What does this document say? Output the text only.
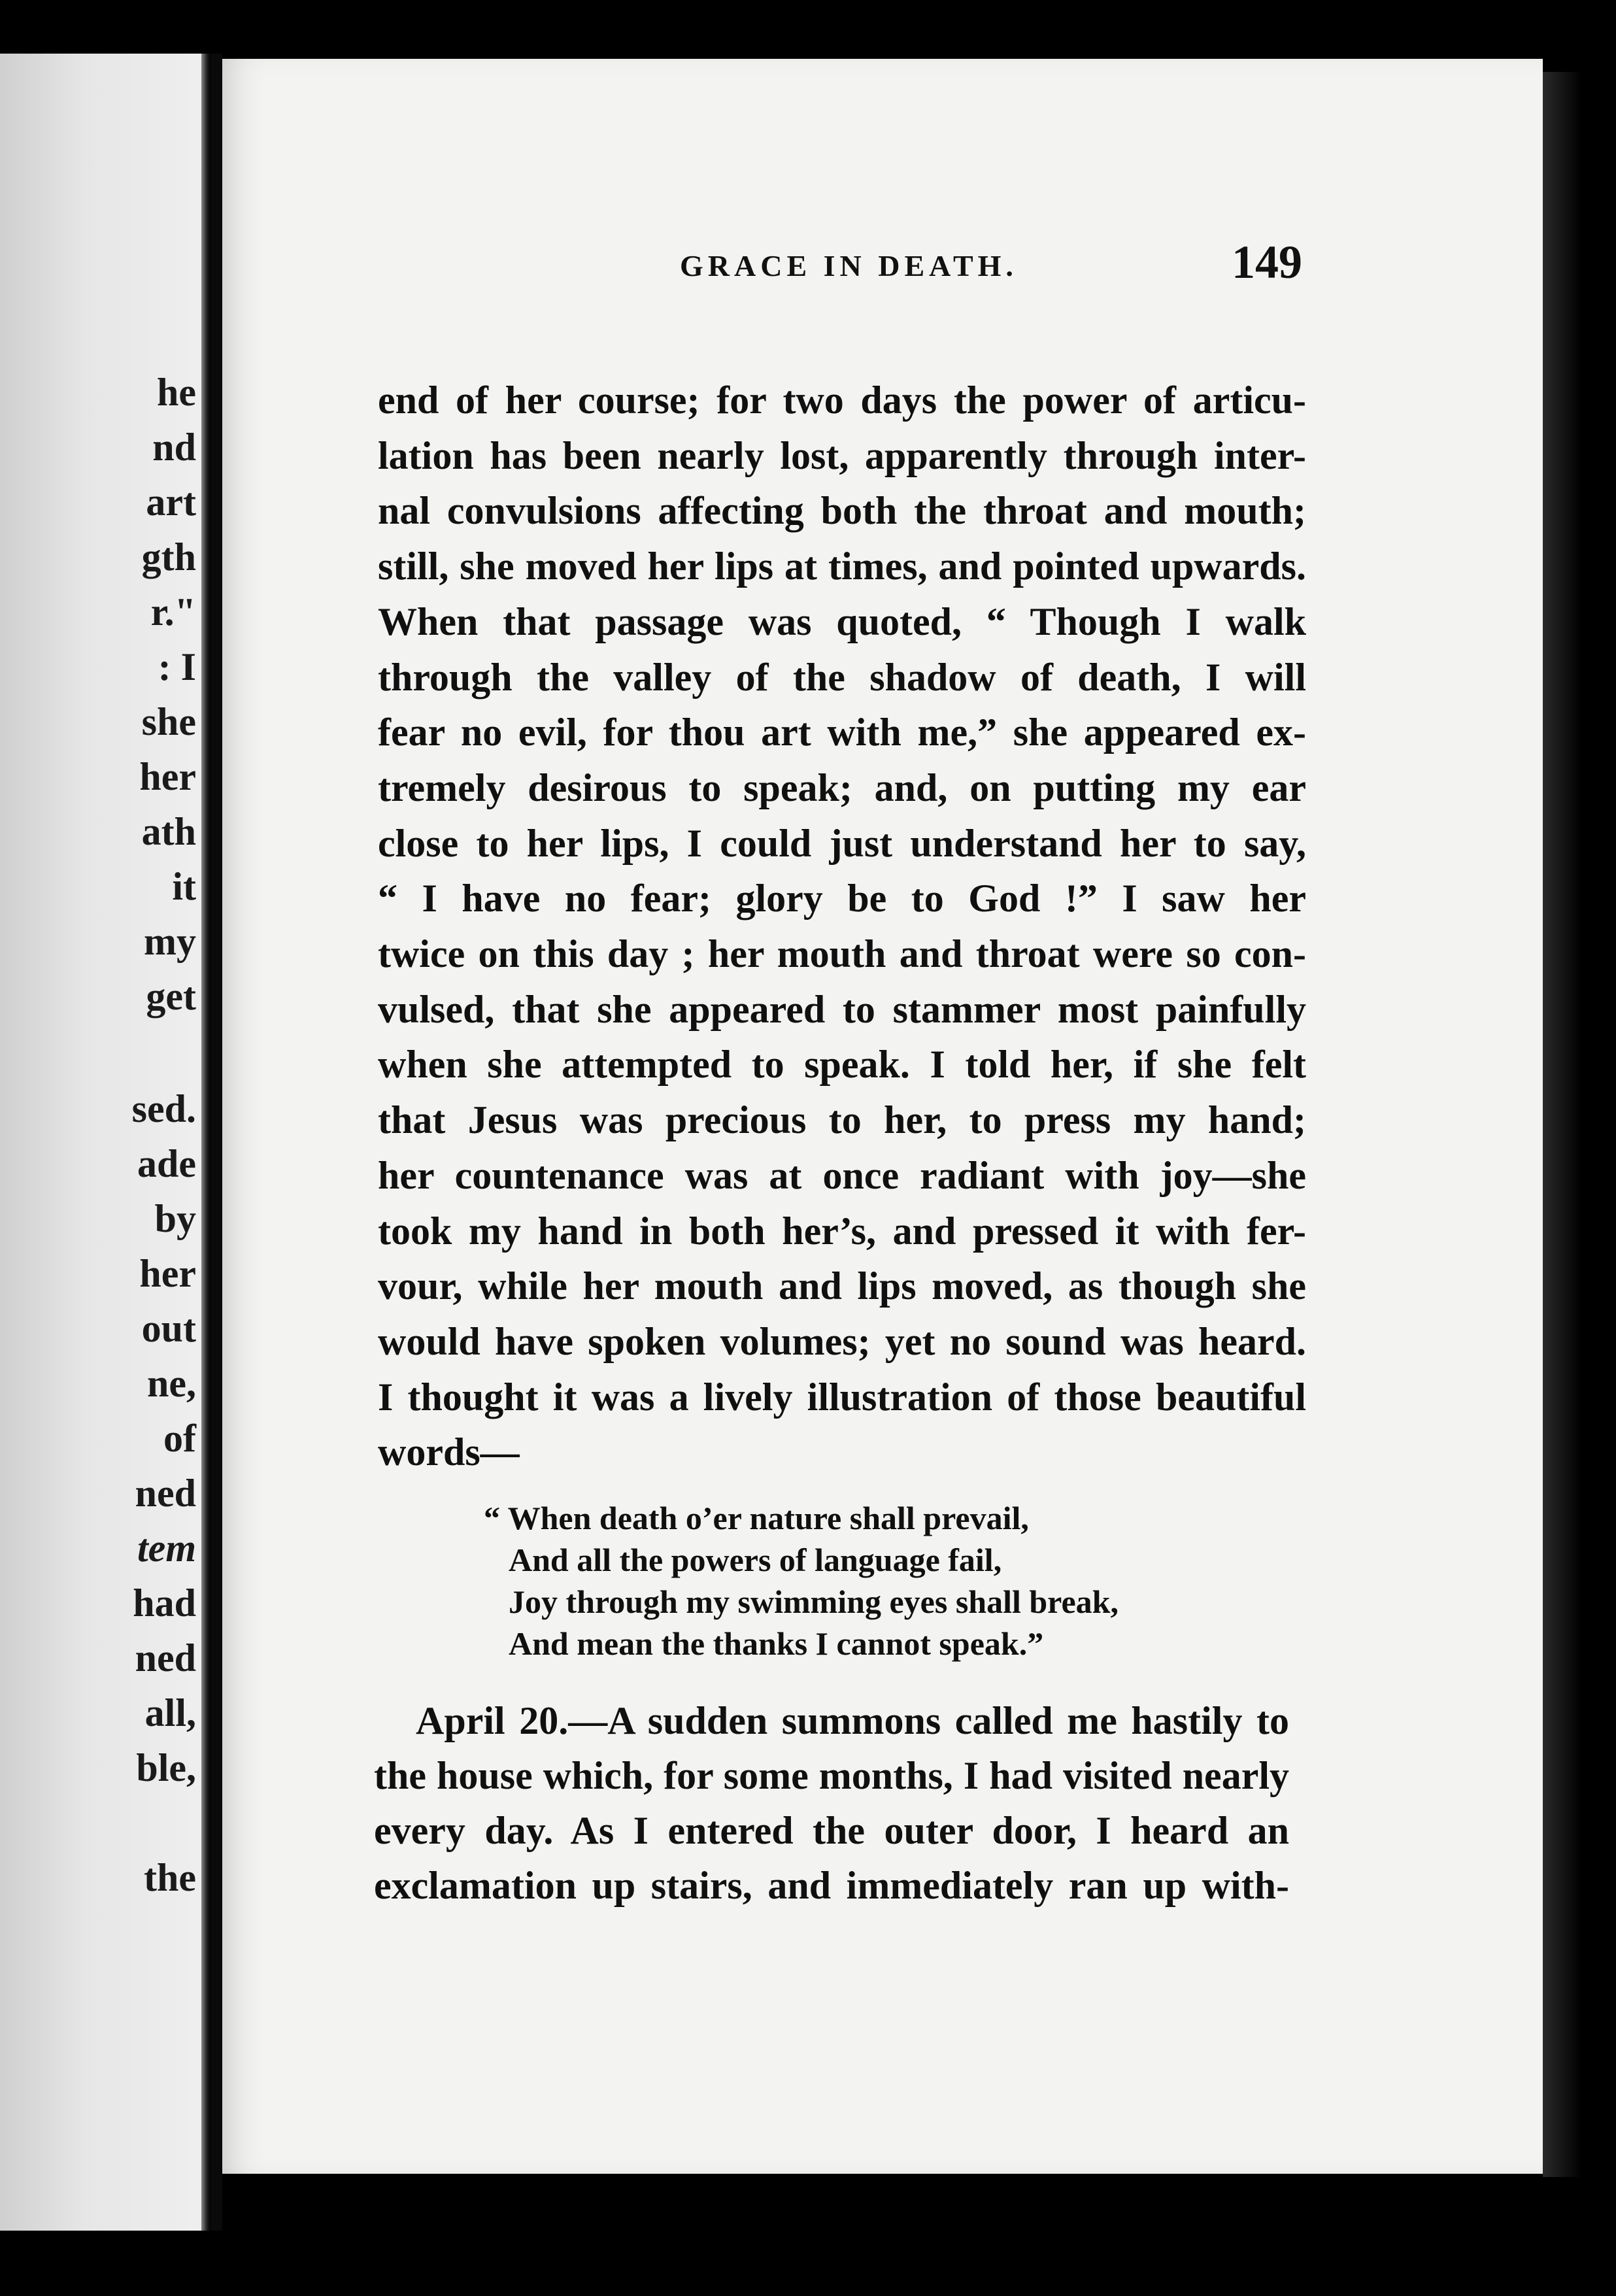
he
nd
art
gth
r."
: I
she
her
ath
it
my
get
sed.
ade
by
her
out
ne,
of
ned
tem
had
ned
all,
ble,
the
GRACE IN DEATH.	149
end of her course; for two days the power of articu-
lation has been nearly lost, apparently through inter-
nal convulsions affecting both the throat and mouth;
still, she moved her lips at times, and pointed upwards.
When that passage was quoted, “ Though I walk
through the valley of the shadow of death, I will
fear no evil, for thou art with me,” she appeared ex-
tremely desirous to speak; and, on putting my ear
close to her lips, I could just understand her to say,
“ I have no fear; glory be to God !” I saw her
twice on this day ; her mouth and throat were so con-
vulsed, that she appeared to stammer most painfully
when she attempted to speak. I told her, if she felt
that Jesus was precious to her, to press my hand;
her countenance was at once radiant with joy—she
took my hand in both her’s, and pressed it with fer-
vour, while her mouth and lips moved, as though she
would have spoken volumes; yet no sound was heard.
I thought it was a lively illustration of those beautiful
words—
“ When death o’er nature shall prevail,
And all the powers of language fail,
Joy through my swimming eyes shall break,
And mean the thanks I cannot speak.”
April 20.—A sudden summons called me hastily to
the house which, for some months, I had visited nearly
every day. As I entered the outer door, I heard an
exclamation up stairs, and immediately ran up with-
